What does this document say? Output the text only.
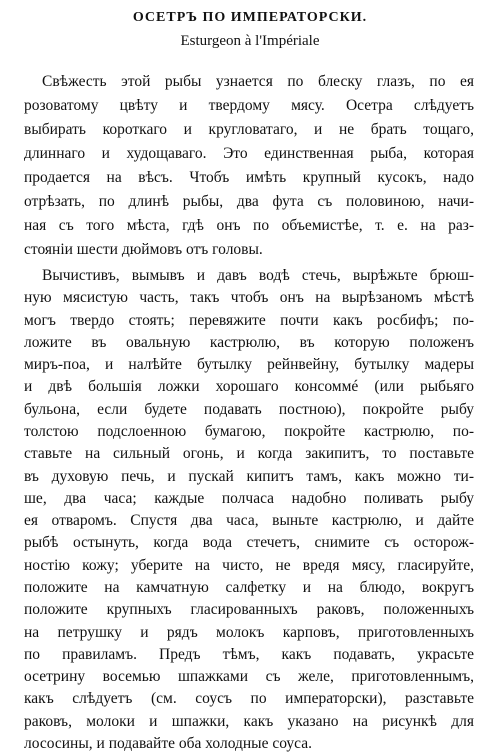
ОСЕТРЪ ПО ИМПЕРАТОРСКИ.
Esturgeon à l'Impériale
Свѣжесть этой рыбы узнается по блеску глазъ, по ея
розоватому цвѣту и твердому мясу. Осетра слѣдуетъ
выбирать короткаго и кругловатаго, и не брать тощаго,
длиннаго и худощаваго. Это единственная рыба, которая
продается на вѣсъ. Чтобъ имѣть крупный кусокъ, надо
отрѣзать, по длинѣ рыбы, два фута съ половиною, начи-
ная съ того мѣста, гдѣ онъ по объемистѣе, т. е. на раз-
стояніи шести дюймовъ отъ головы.
Вычистивъ, вымывъ и давъ водѣ стечь, вырѣжьте брюш-
ную мясистую часть, такъ чтобъ онъ на вырѣзаномъ мѣстѣ
могъ твердо стоять; перевяжите почти какъ росбифъ; по-
ложите въ овальную кастрюлю, въ которую положенъ
миръ-поа, и налѣйте бутылку рейнвейну, бутылку мадеры
и двѣ большія ложки хорошаго консоммé (или рыбьяго
бульона, если будете подавать постною), покройте рыбу
толстою подслоенною бумагою, покройте кастрюлю, по-
ставьте на сильный огонь, и когда закипитъ, то поставьте
въ духовую печь, и пускай кипитъ тамъ, какъ можно ти-
ше, два часа; каждые полчаса надобно поливать рыбу
ея отваромъ. Спустя два часа, выньте кастрюлю, и дайте
рыбѣ остынуть, когда вода стечетъ, снимите съ осторож-
ностію кожу; уберите на чисто, не вредя мясу, гласируйте,
положите на камчатную салфетку и на блюдо, вокругъ
положите крупныхъ гласированныхъ раковъ, положенныхъ
на петрушку и рядъ молокъ карповъ, приготовленныхъ
по правиламъ. Предъ тѣмъ, какъ подавать, украсьте
осетрину восемью шпажками съ желе, приготовленнымъ,
какъ слѣдуетъ (см. соусъ по императорски), разставьте
раковъ, молоки и шпажки, какъ указано на рисункѣ для
лососины, и подавайте оба холодные соуса.
